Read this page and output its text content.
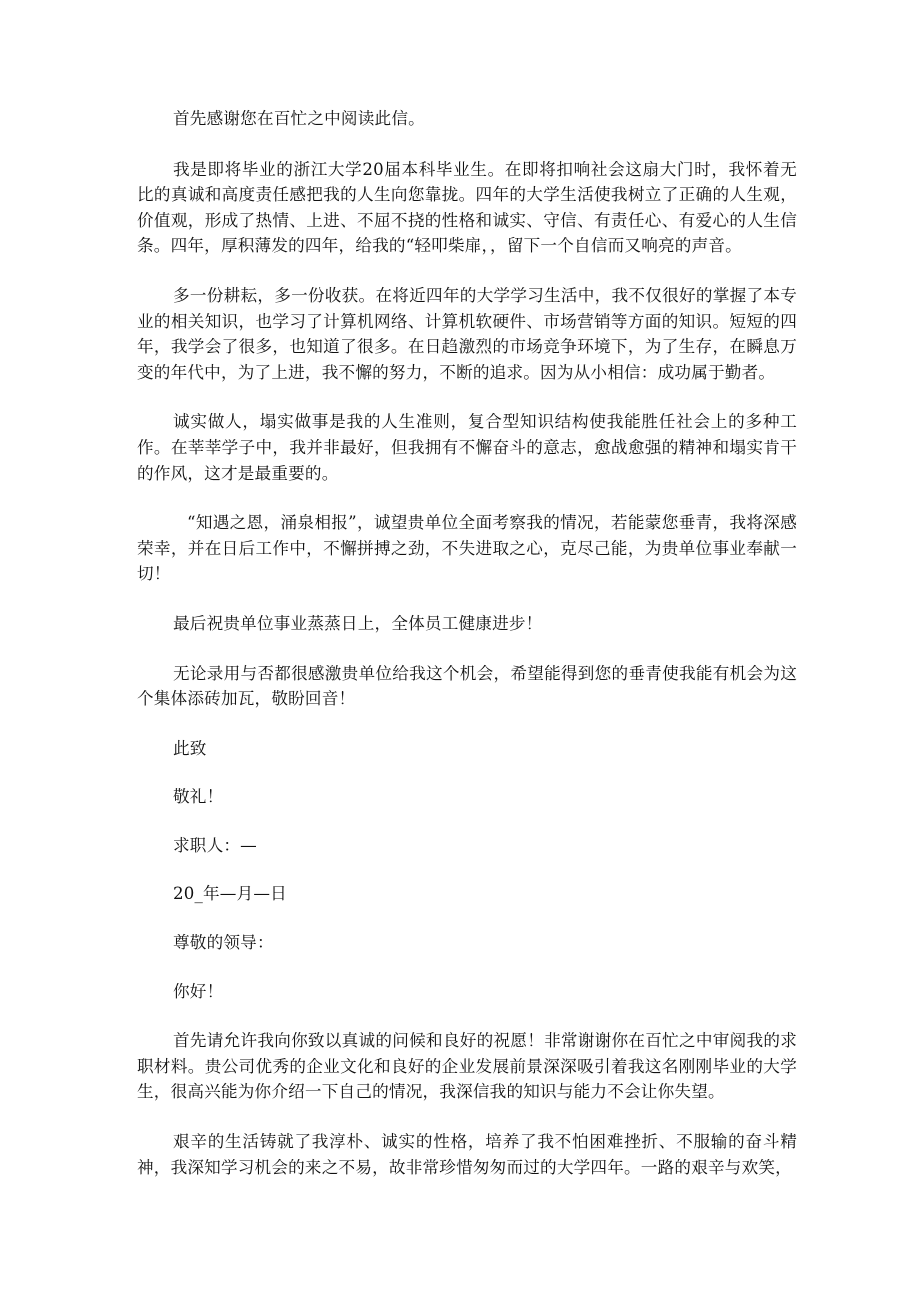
首先感谢您在百忙之中阅读此信。

我是即将毕业的浙江大学20届本科毕业生。在即将扣响社会这扇大门时，我怀着无比的真诚和高度责任感把我的人生向您靠拢。四年的大学生活使我树立了正确的人生观，价值观，形成了热情、上进、不屈不挠的性格和诚实、守信、有责任心、有爱心的人生信条。四年，厚积薄发的四年，给我的“轻叩柴扉，，留下一个自信而又响亮的声音。

多一份耕耘，多一份收获。在将近四年的大学学习生活中，我不仅很好的掌握了本专业的相关知识，也学习了计算机网络、计算机软硬件、市场营销等方面的知识。短短的四年，我学会了很多，也知道了很多。在日趋激烈的市场竞争环境下，为了生存，在瞬息万变的年代中，为了上进，我不懈的努力，不断的追求。因为从小相信：成功属于勤者。

诚实做人，塌实做事是我的人生准则，复合型知识结构使我能胜任社会上的多种工作。在莘莘学子中，我并非最好，但我拥有不懈奋斗的意志，愈战愈强的精神和塌实肯干的作风，这才是最重要的。

“知遇之恩，涌泉相报”，诚望贵单位全面考察我的情况，若能蒙您垂青，我将深感荣幸，并在日后工作中，不懈拼搏之劲，不失进取之心，克尽己能，为贵单位事业奉献一切！

最后祝贵单位事业蒸蒸日上，全体员工健康进步！

无论录用与否都很感激贵单位给我这个机会，希望能得到您的垂青使我能有机会为这个集体添砖加瓦，敬盼回音！

此致

敬礼！

求职人：—

20_年—月—日

尊敬的领导：

你好！

首先请允许我向你致以真诚的问候和良好的祝愿！非常谢谢你在百忙之中审阅我的求职材料。贵公司优秀的企业文化和良好的企业发展前景深深吸引着我这名刚刚毕业的大学生，很高兴能为你介绍一下自己的情况，我深信我的知识与能力不会让你失望。

艰辛的生活铸就了我淳朴、诚实的性格，培养了我不怕困难挫折、不服输的奋斗精神，我深知学习机会的来之不易，故非常珍惜匆匆而过的大学四年。一路的艰辛与欢笑，
